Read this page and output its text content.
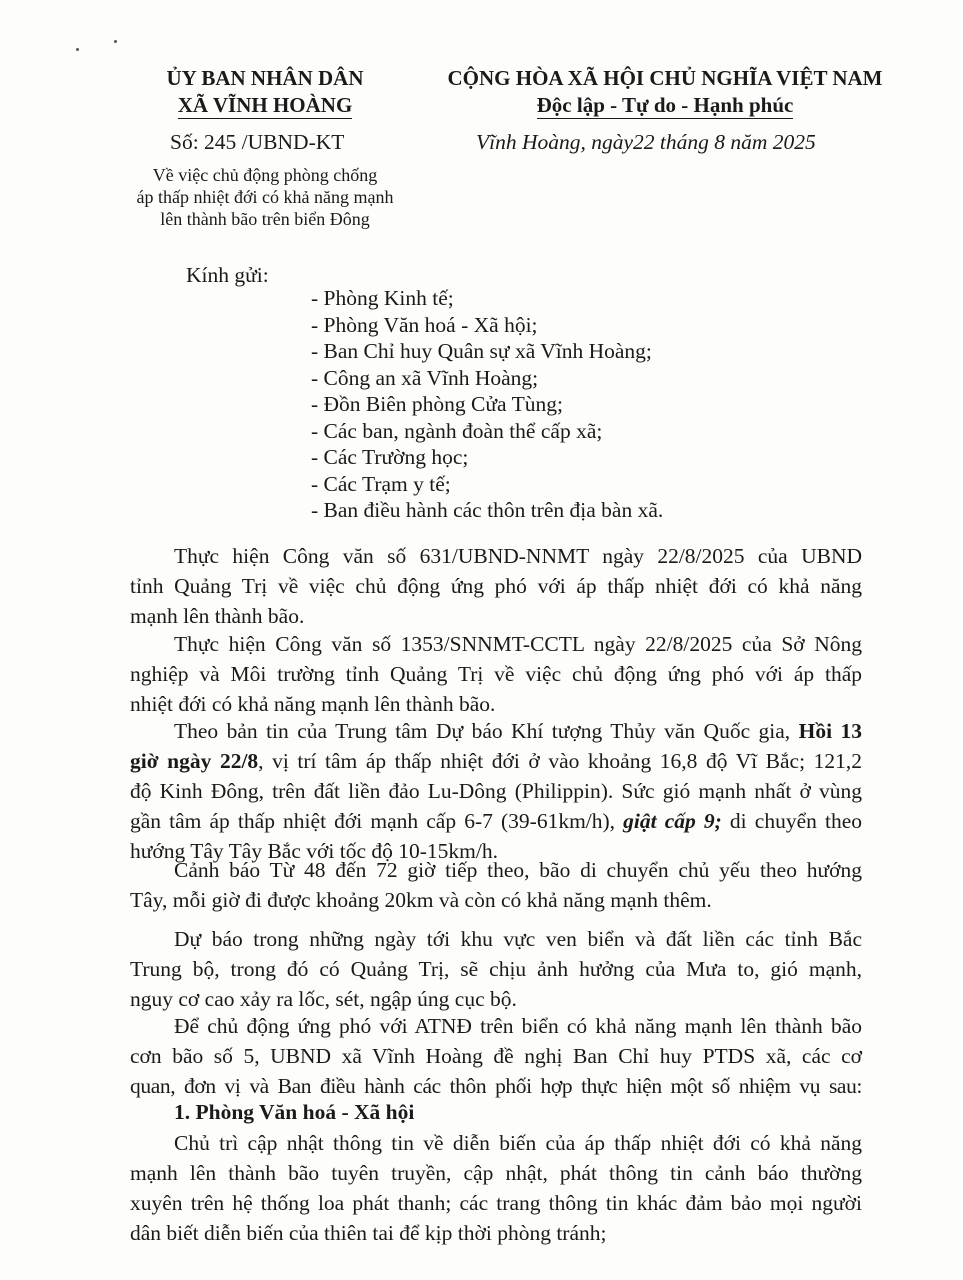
ỦY BAN NHÂN DÂN
XÃ VĨNH HOÀNG
Số: 245 /UBND-KT
Về việc chủ động phòng chống
áp thấp nhiệt đới có khả năng mạnh
lên thành bão trên biển Đông
CỘNG HÒA XÃ HỘI CHỦ NGHĨA VIỆT NAM
Độc lập - Tự do - Hạnh phúc
Vĩnh Hoàng, ngày22 tháng 8 năm 2025
Kính gửi:
- Phòng Kinh tế;
- Phòng Văn hoá - Xã hội;
- Ban Chỉ huy Quân sự xã Vĩnh Hoàng;
- Công an xã Vĩnh Hoàng;
- Đồn Biên phòng Cửa Tùng;
- Các ban, ngành đoàn thể cấp xã;
- Các Trường học;
- Các Trạm y tế;
- Ban điều hành các thôn trên địa bàn xã.
Thực hiện Công văn số 631/UBND-NNMT ngày 22/8/2025 của UBND
tỉnh Quảng Trị về việc chủ động ứng phó với áp thấp nhiệt đới có khả năng
mạnh lên thành bão.
Thực hiện Công văn số 1353/SNNMT-CCTL ngày 22/8/2025 của Sở Nông
nghiệp và Môi trường tỉnh Quảng Trị về việc chủ động ứng phó với áp thấp
nhiệt đới có khả năng mạnh lên thành bão.
Theo bản tin của Trung tâm Dự báo Khí tượng Thủy văn Quốc gia, Hồi 13
giờ ngày 22/8, vị trí tâm áp thấp nhiệt đới ở vào khoảng 16,8 độ Vĩ Bắc; 121,2
độ Kinh Đông, trên đất liền đảo Lu-Dông (Philippin). Sức gió mạnh nhất ở vùng
gần tâm áp thấp nhiệt đới mạnh cấp 6-7 (39-61km/h), giật cấp 9; di chuyển theo
hướng Tây Tây Bắc với tốc độ 10-15km/h.
Cảnh báo Từ 48 đến 72 giờ tiếp theo, bão di chuyển chủ yếu theo hướng
Tây, mỗi giờ đi được khoảng 20km và còn có khả năng mạnh thêm.
Dự báo trong những ngày tới khu vực ven biển và đất liền các tỉnh Bắc
Trung bộ, trong đó có Quảng Trị, sẽ chịu ảnh hưởng của Mưa to, gió mạnh,
nguy cơ cao xảy ra lốc, sét, ngập úng cục bộ.
Để chủ động ứng phó với ATNĐ trên biển có khả năng mạnh lên thành bão
cơn bão số 5, UBND xã Vĩnh Hoàng đề nghị Ban Chỉ huy PTDS xã, các cơ
quan, đơn vị và Ban điều hành các thôn phối hợp thực hiện một số nhiệm vụ sau:
1. Phòng Văn hoá - Xã hội
Chủ trì cập nhật thông tin về diễn biến của áp thấp nhiệt đới có khả năng
mạnh lên thành bão tuyên truyền, cập nhật, phát thông tin cảnh báo thường
xuyên trên hệ thống loa phát thanh; các trang thông tin khác đảm bảo mọi người
dân biết diễn biến của thiên tai để kịp thời phòng tránh;
